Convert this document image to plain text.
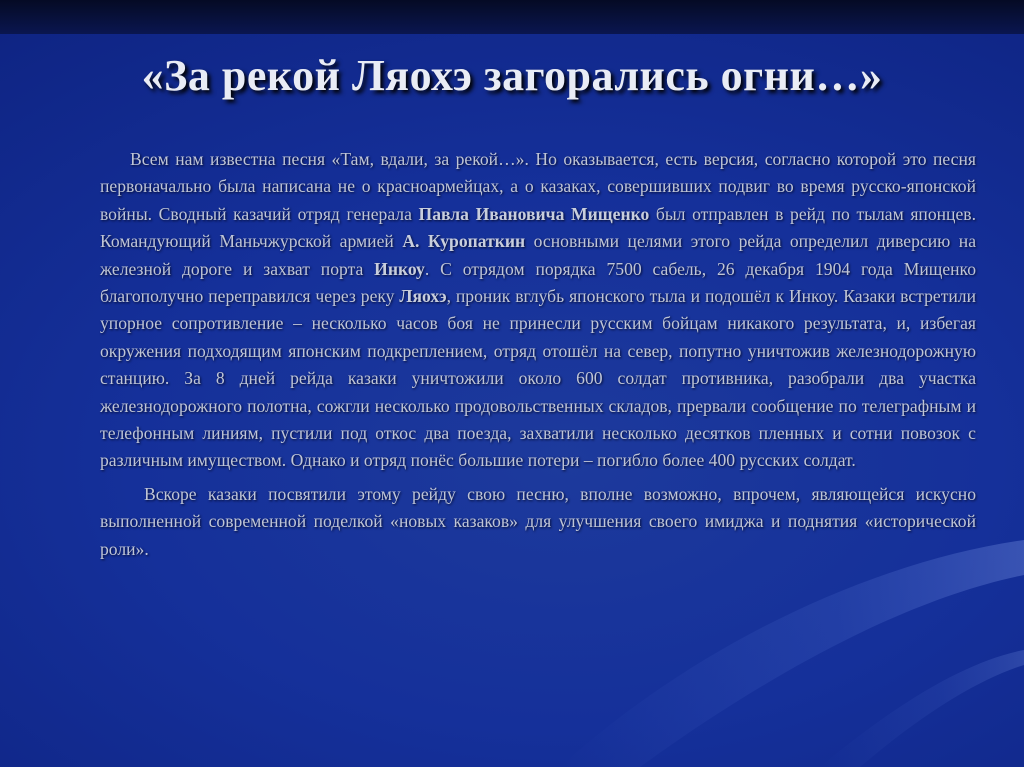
«За рекой Ляохэ загорались огни…»

Всем нам известна песня «Там, вдали, за рекой…». Но оказывается, есть версия, согласно которой это песня первоначально была написана не о красноармейцах, а о казаках, совершивших подвиг во время русско-японской войны. Сводный казачий отряд генерала Павла Ивановича Мищенко был отправлен в рейд по тылам японцев. Командующий Маньчжурской армией А. Куропаткин основными целями этого рейда определил диверсию на железной дороге и захват порта Инкоу. С отрядом порядка 7500 сабель, 26 декабря 1904 года Мищенко благополучно переправился через реку Ляохэ, проник вглубь японского тыла и подошёл к Инкоу. Казаки встретили упорное сопротивление – несколько часов боя не принесли русским бойцам никакого результата, и, избегая окружения подходящим японским подкреплением, отряд отошёл на север, попутно уничтожив железнодорожную станцию. За 8 дней рейда казаки уничтожили около 600 солдат противника, разобрали два участка железнодорожного полотна, сожгли несколько продовольственных складов, прервали сообщение по телеграфным и телефонным линиям, пустили под откос два поезда, захватили несколько десятков пленных и сотни повозок с различным имуществом. Однако и отряд понёс большие потери – погибло более 400 русских солдат.

Вскоре казаки посвятили этому рейду свою песню, вполне возможно, впрочем, являющейся искусно выполненной современной поделкой «новых казаков» для улучшения своего имиджа и поднятия «исторической роли».
